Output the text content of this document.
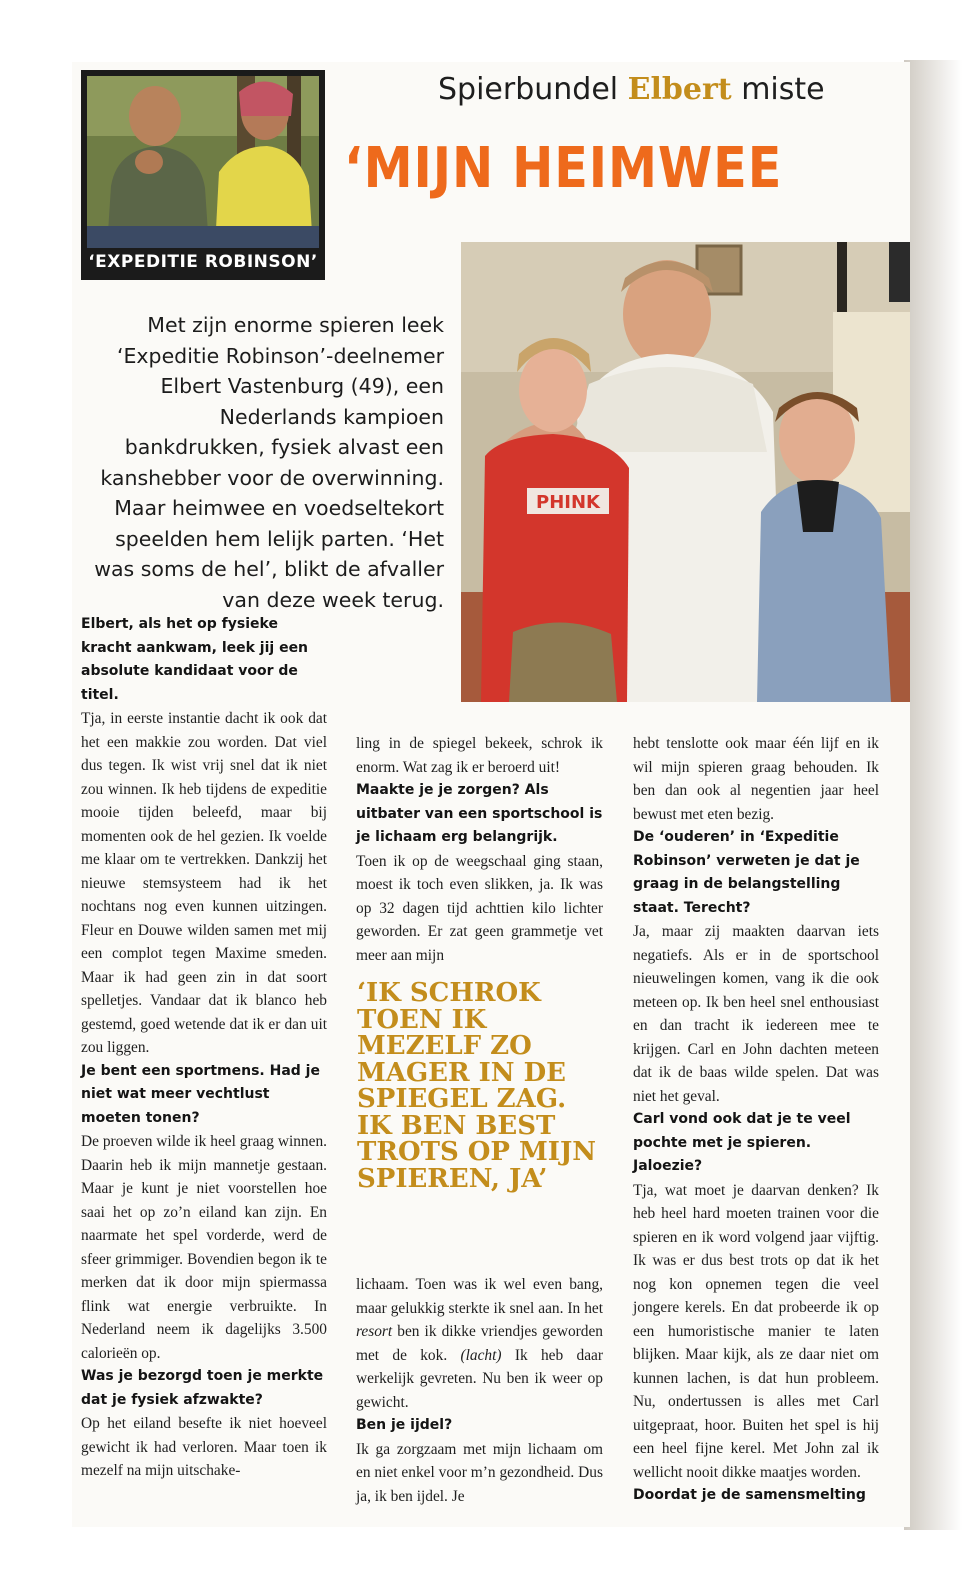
‘EXPEDITIE ROBINSON’
Spierbundel Elbert miste
‘MIJN HEIMWEE
Met zijn enorme spieren leek ‘Expeditie Robinson’-deelnemer Elbert Vastenburg (49), een Nederlands kampioen bankdrukken, fysiek alvast een kanshebber voor de overwinning. Maar heimwee en voedseltekort speelden hem lelijk parten. ‘Het was soms de hel’, blikt de afvaller van deze week terug.
PHINK

Elbert, als het op fysieke kracht aankwam, leek jij een absolute kandidaat voor de titel.

Tja, in eerste instantie dacht ik ook dat het een makkie zou worden. Dat viel dus tegen. Ik wist vrij snel dat ik niet zou winnen. Ik heb tijdens de expeditie mooie tijden beleefd, maar bij momenten ook de hel gezien. Ik voelde me klaar om te vertrekken. Dankzij het nieuwe stemsysteem had ik het nochtans nog even kunnen uitzingen. Fleur en Douwe wilden samen met mij een complot tegen Maxime smeden. Maar ik had geen zin in dat soort spelletjes. Vandaar dat ik blanco heb gestemd, goed wetende dat ik er dan uit zou liggen.

Je bent een sportmens. Had je niet wat meer vechtlust moeten tonen?

De proeven wilde ik heel graag winnen. Daarin heb ik mijn mannetje gestaan. Maar je kunt je niet voorstellen hoe saai het op zo’n eiland kan zijn. En naarmate het spel vorderde, werd de sfeer grimmiger. Bovendien begon ik te merken dat ik door mijn spiermassa flink wat energie verbruikte. In Nederland neem ik dagelijks 3.500 calorieën op.

Was je bezorgd toen je merkte dat je fysiek afzwakte?

Op het eiland besefte ik niet hoeveel gewicht ik had verloren. Maar toen ik mezelf na mijn uitschake-

ling in de spiegel bekeek, schrok ik enorm. Wat zag ik er beroerd uit!

Maakte je je zorgen? Als uitbater van een sportschool is je lichaam erg belangrijk.

Toen ik op de weegschaal ging staan, moest ik toch even slikken, ja. Ik was op 32 dagen tijd achttien kilo lichter geworden. Er zat geen grammetje vet meer aan mijn

‘IK SCHROK TOEN IK MEZELF ZO MAGER IN DE SPIEGEL ZAG. IK BEN BEST TROTS OP MIJN SPIEREN, JA’

lichaam. Toen was ik wel even bang, maar gelukkig sterkte ik snel aan. In het resort ben ik dikke vriendjes geworden met de kok. (lacht) Ik heb daar werkelijk gevreten. Nu ben ik weer op gewicht.

Ben je ijdel?

Ik ga zorgzaam met mijn lichaam om en niet enkel voor m’n gezondheid. Dus ja, ik ben ijdel. Je

hebt tenslotte ook maar één lijf en ik wil mijn spieren graag behouden. Ik ben dan ook al negentien jaar heel bewust met eten bezig.

De ‘ouderen’ in ‘Expeditie Robinson’ verweten je dat je graag in de belangstelling staat. Terecht?

Ja, maar zij maakten daarvan iets negatiefs. Als er in de sportschool nieuwelingen komen, vang ik die ook meteen op. Ik ben heel snel enthousiast en dan tracht ik iedereen mee te krijgen. Carl en John dachten meteen dat ik de baas wilde spelen. Dat was niet het geval.

Carl vond ook dat je te veel pochte met je spieren. Jaloezie?

Tja, wat moet je daarvan denken? Ik heb heel hard moeten trainen voor die spieren en ik word volgend jaar vijftig. Ik was er dus best trots op dat ik het nog kon opnemen tegen die veel jongere kerels. En dat probeerde ik op een humoristische manier te laten blijken. Maar kijk, als ze daar niet om kunnen lachen, is dat hun probleem. Nu, ondertussen is alles met Carl uitgepraat, hoor. Buiten het spel is hij een heel fijne kerel. Met John zal ik wellicht nooit dikke maatjes worden.

Doordat je de samensmelting
